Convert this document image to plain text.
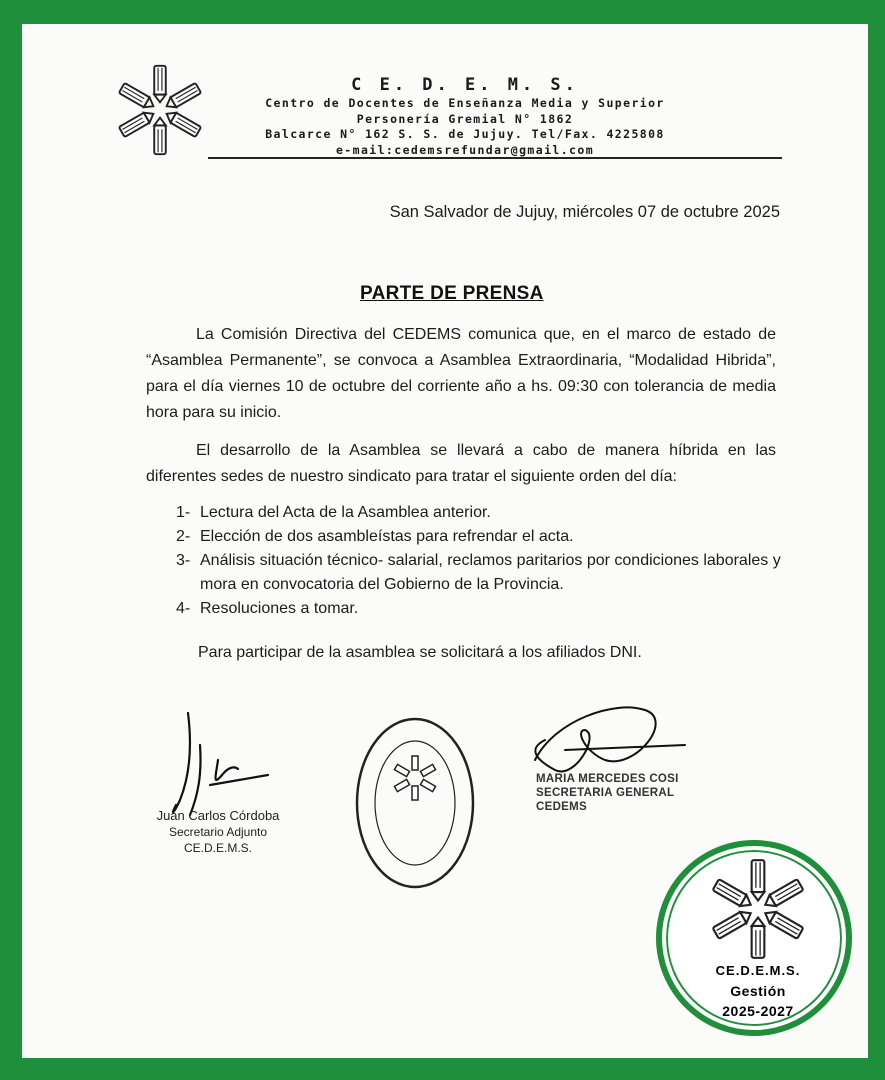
C E. D. E. M. S.
Centro de Docentes de Enseñanza Media y Superior
Personería Gremial N° 1862
Balcarce N° 162 S. S. de Jujuy. Tel/Fax. 4225808
e-mail:cedemsrefundar@gmail.com
San Salvador de Jujuy, miércoles 07 de octubre 2025
PARTE DE PRENSA

La Comisión Directiva del CEDEMS comunica que, en el marco de estado de “Asamblea Permanente”, se convoca a Asamblea Extraordinaria, “Modalidad Hibrida”, para el día viernes 10 de octubre del corriente año a hs. 09:30 con tolerancia de media hora para su inicio.

El desarrollo de la Asamblea se llevará a cabo de manera híbrida en las diferentes sedes de nuestro sindicato para tratar el siguiente orden del día:

1- Lectura del Acta de la Asamblea anterior.
2- Elección de dos asambleístas para refrendar el acta.
3- Análisis situación técnico- salarial, reclamos paritarios por condiciones laborales y mora en convocatoria del Gobierno de la Provincia.
4- Resoluciones a tomar.
Para participar de la asamblea se solicitará a los afiliados DNI.
Juan Carlos Córdoba
Secretario Adjunto
CE.D.E.M.S.
MARIA MERCEDES COSI
SECRETARIA GENERAL
CEDEMS
CE.D.E.M.S.
Gestión
2025-2027
